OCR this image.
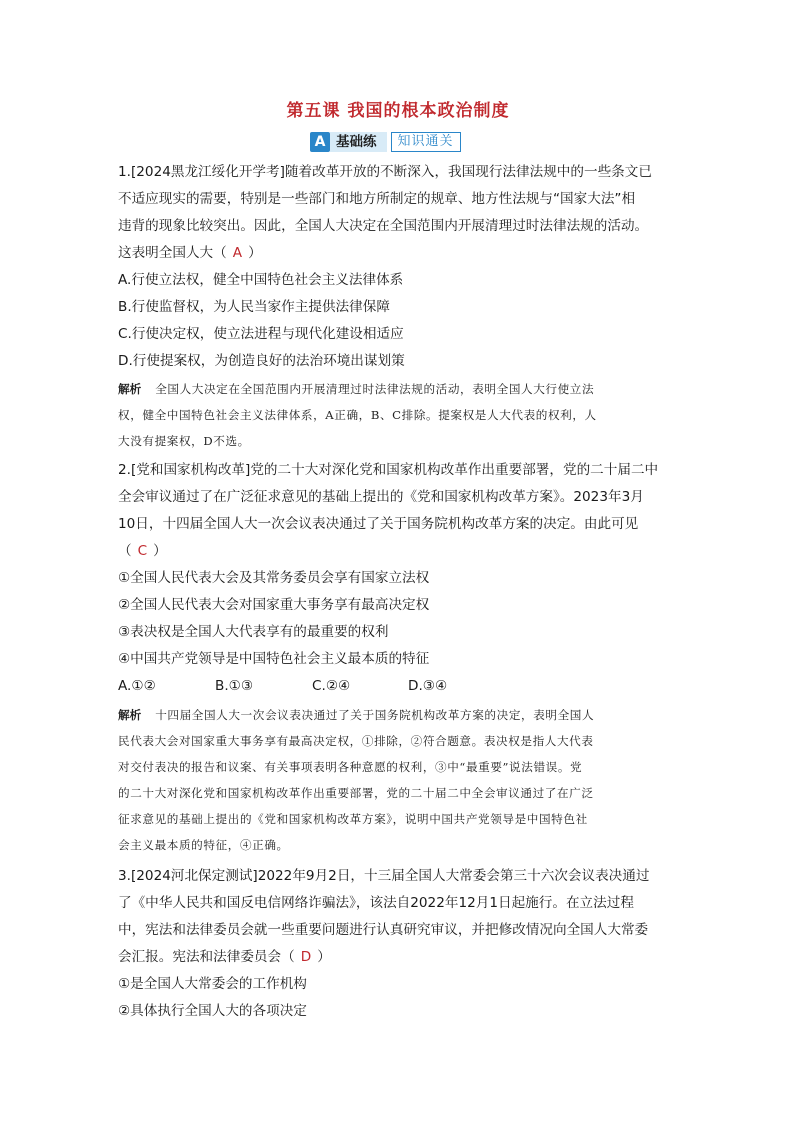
第五课 我国的根本政治制度
A 基础练	知识通关
1.[2024黑龙江绥化开学考]随着改革开放的不断深入，我国现行法律法规中的一些条文已
不适应现实的需要，特别是一些部门和地方所制定的规章、地方性法规与“国家大法”相
违背的现象比较突出。因此，全国人大决定在全国范围内开展清理过时法律法规的活动。
这表明全国人大（ A ）
A.行使立法权，健全中国特色社会主义法律体系
B.行使监督权，为人民当家作主提供法律保障
C.行使决定权，使立法进程与现代化建设相适应
D.行使提案权，为创造良好的法治环境出谋划策
解析 全国人大决定在全国范围内开展清理过时法律法规的活动，表明全国人大行使立法
权，健全中国特色社会主义法律体系，A正确，B、C排除。提案权是人大代表的权利，人
大没有提案权，D不选。
2.[党和国家机构改革]党的二十大对深化党和国家机构改革作出重要部署，党的二十届二中
全会审议通过了在广泛征求意见的基础上提出的《党和国家机构改革方案》。2023年3月
10日，十四届全国人大一次会议表决通过了关于国务院机构改革方案的决定。由此可见
（ C ）
①全国人民代表大会及其常务委员会享有国家立法权
②全国人民代表大会对国家重大事务享有最高决定权
③表决权是全国人大代表享有的最重要的权利
④中国共产党领导是中国特色社会主义最本质的特征
A.①②	B.①③	C.②④	D.③④
解析 十四届全国人大一次会议表决通过了关于国务院机构改革方案的决定，表明全国人
民代表大会对国家重大事务享有最高决定权，①排除，②符合题意。表决权是指人大代表
对交付表决的报告和议案、有关事项表明各种意愿的权利，③中“最重要”说法错误。党
的二十大对深化党和国家机构改革作出重要部署，党的二十届二中全会审议通过了在广泛
征求意见的基础上提出的《党和国家机构改革方案》，说明中国共产党领导是中国特色社
会主义最本质的特征，④正确。
3.[2024河北保定测试]2022年9月2日，十三届全国人大常委会第三十六次会议表决通过
了《中华人民共和国反电信网络诈骗法》，该法自2022年12月1日起施行。在立法过程
中，宪法和法律委员会就一些重要问题进行认真研究审议，并把修改情况向全国人大常委
会汇报。宪法和法律委员会（ D ）
①是全国人大常委会的工作机构
②具体执行全国人大的各项决定
